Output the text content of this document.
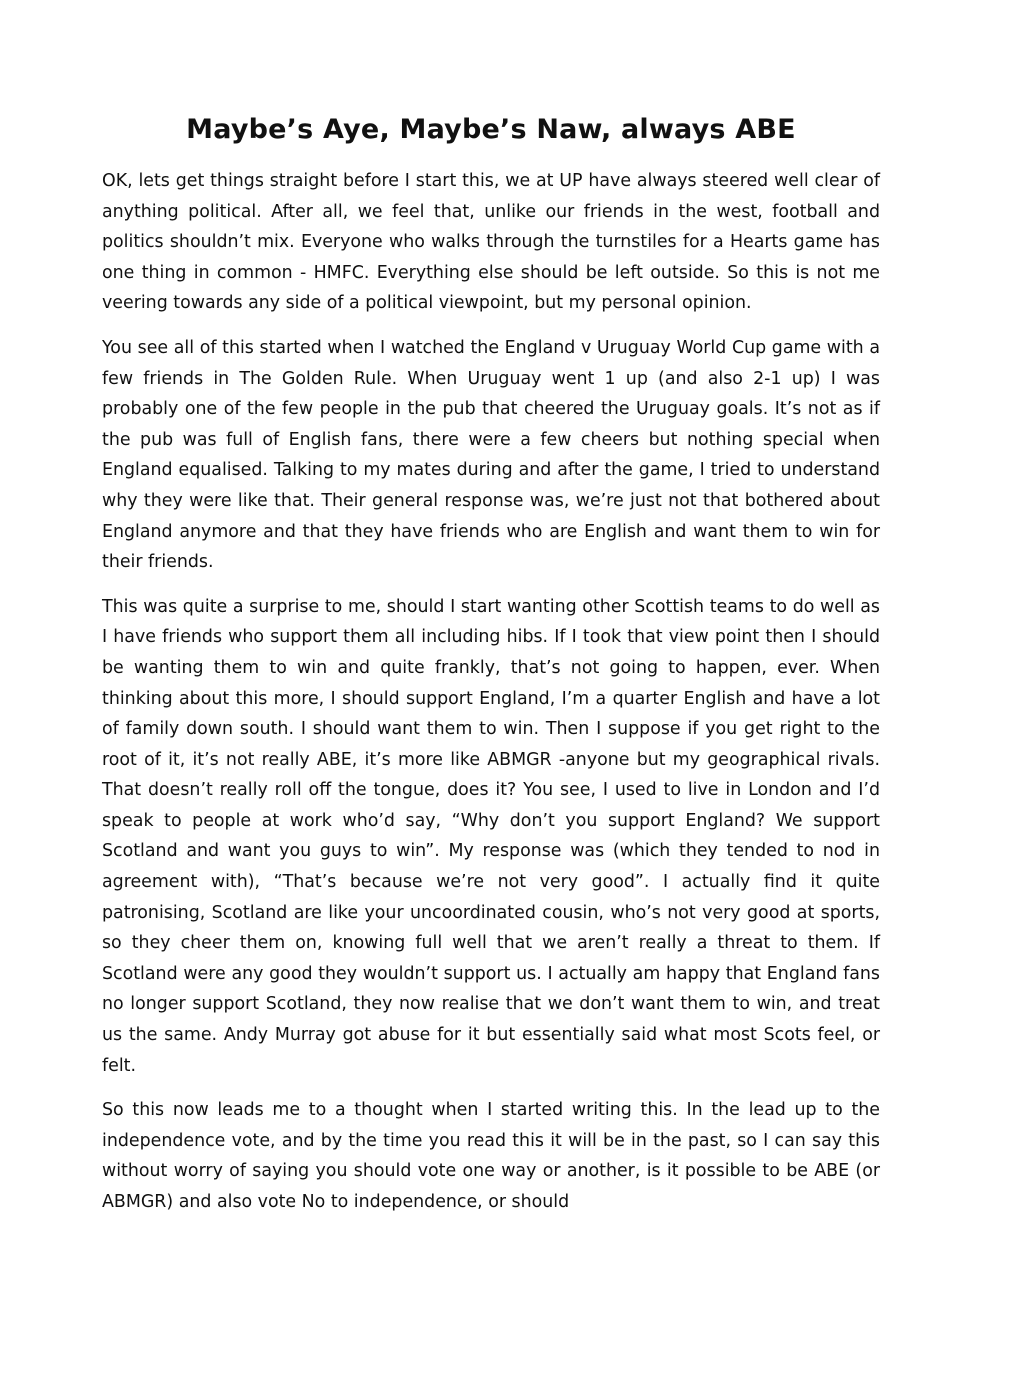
Maybe’s Aye, Maybe’s Naw, always ABE

OK, lets get things straight before I start this, we at UP have always steered well clear of anything political. After all, we feel that, unlike our friends in the west, football and politics shouldn’t mix. Everyone who walks through the turnstiles for a Hearts game has one thing in common - HMFC. Everything else should be left outside. So this is not me veering towards any side of a political viewpoint, but my personal opinion.

You see all of this started when I watched the England v Uruguay World Cup game with a few friends in The Golden Rule. When Uruguay went 1 up (and also 2-1 up) I was probably one of the few people in the pub that cheered the Uruguay goals. It’s not as if the pub was full of English fans, there were a few cheers but nothing special when England equalised. Talking to my mates during and after the game, I tried to understand why they were like that. Their general response was, we’re just not that bothered about England anymore and that they have friends who are English and want them to win for their friends.

This was quite a surprise to me, should I start wanting other Scottish teams to do well as I have friends who support them all including hibs. If I took that view point then I should be wanting them to win and quite frankly, that’s not going to happen, ever. When thinking about this more, I should support England, I’m a quarter English and have a lot of family down south. I should want them to win. Then I suppose if you get right to the root of it, it’s not really ABE, it’s more like ABMGR -anyone but my geographical rivals. That doesn’t really roll off the tongue, does it? You see, I used to live in London and I’d speak to people at work who’d say, “Why don’t you support England? We support Scotland and want you guys to win”. My response was (which they tended to nod in agreement with), “That’s because we’re not very good”. I actually find it quite patronising, Scotland are like your uncoordinated cousin, who’s not very good at sports, so they cheer them on, knowing full well that we aren’t really a threat to them. If Scotland were any good they wouldn’t support us. I actually am happy that England fans no longer support Scotland, they now realise that we don’t want them to win, and treat us the same. Andy Murray got abuse for it but essentially said what most Scots feel, or felt.

So this now leads me to a thought when I started writing this. In the lead up to the independence vote, and by the time you read this it will be in the past, so I can say this without worry of saying you should vote one way or another, is it possible to be ABE (or ABMGR) and also vote No to independence, or should
